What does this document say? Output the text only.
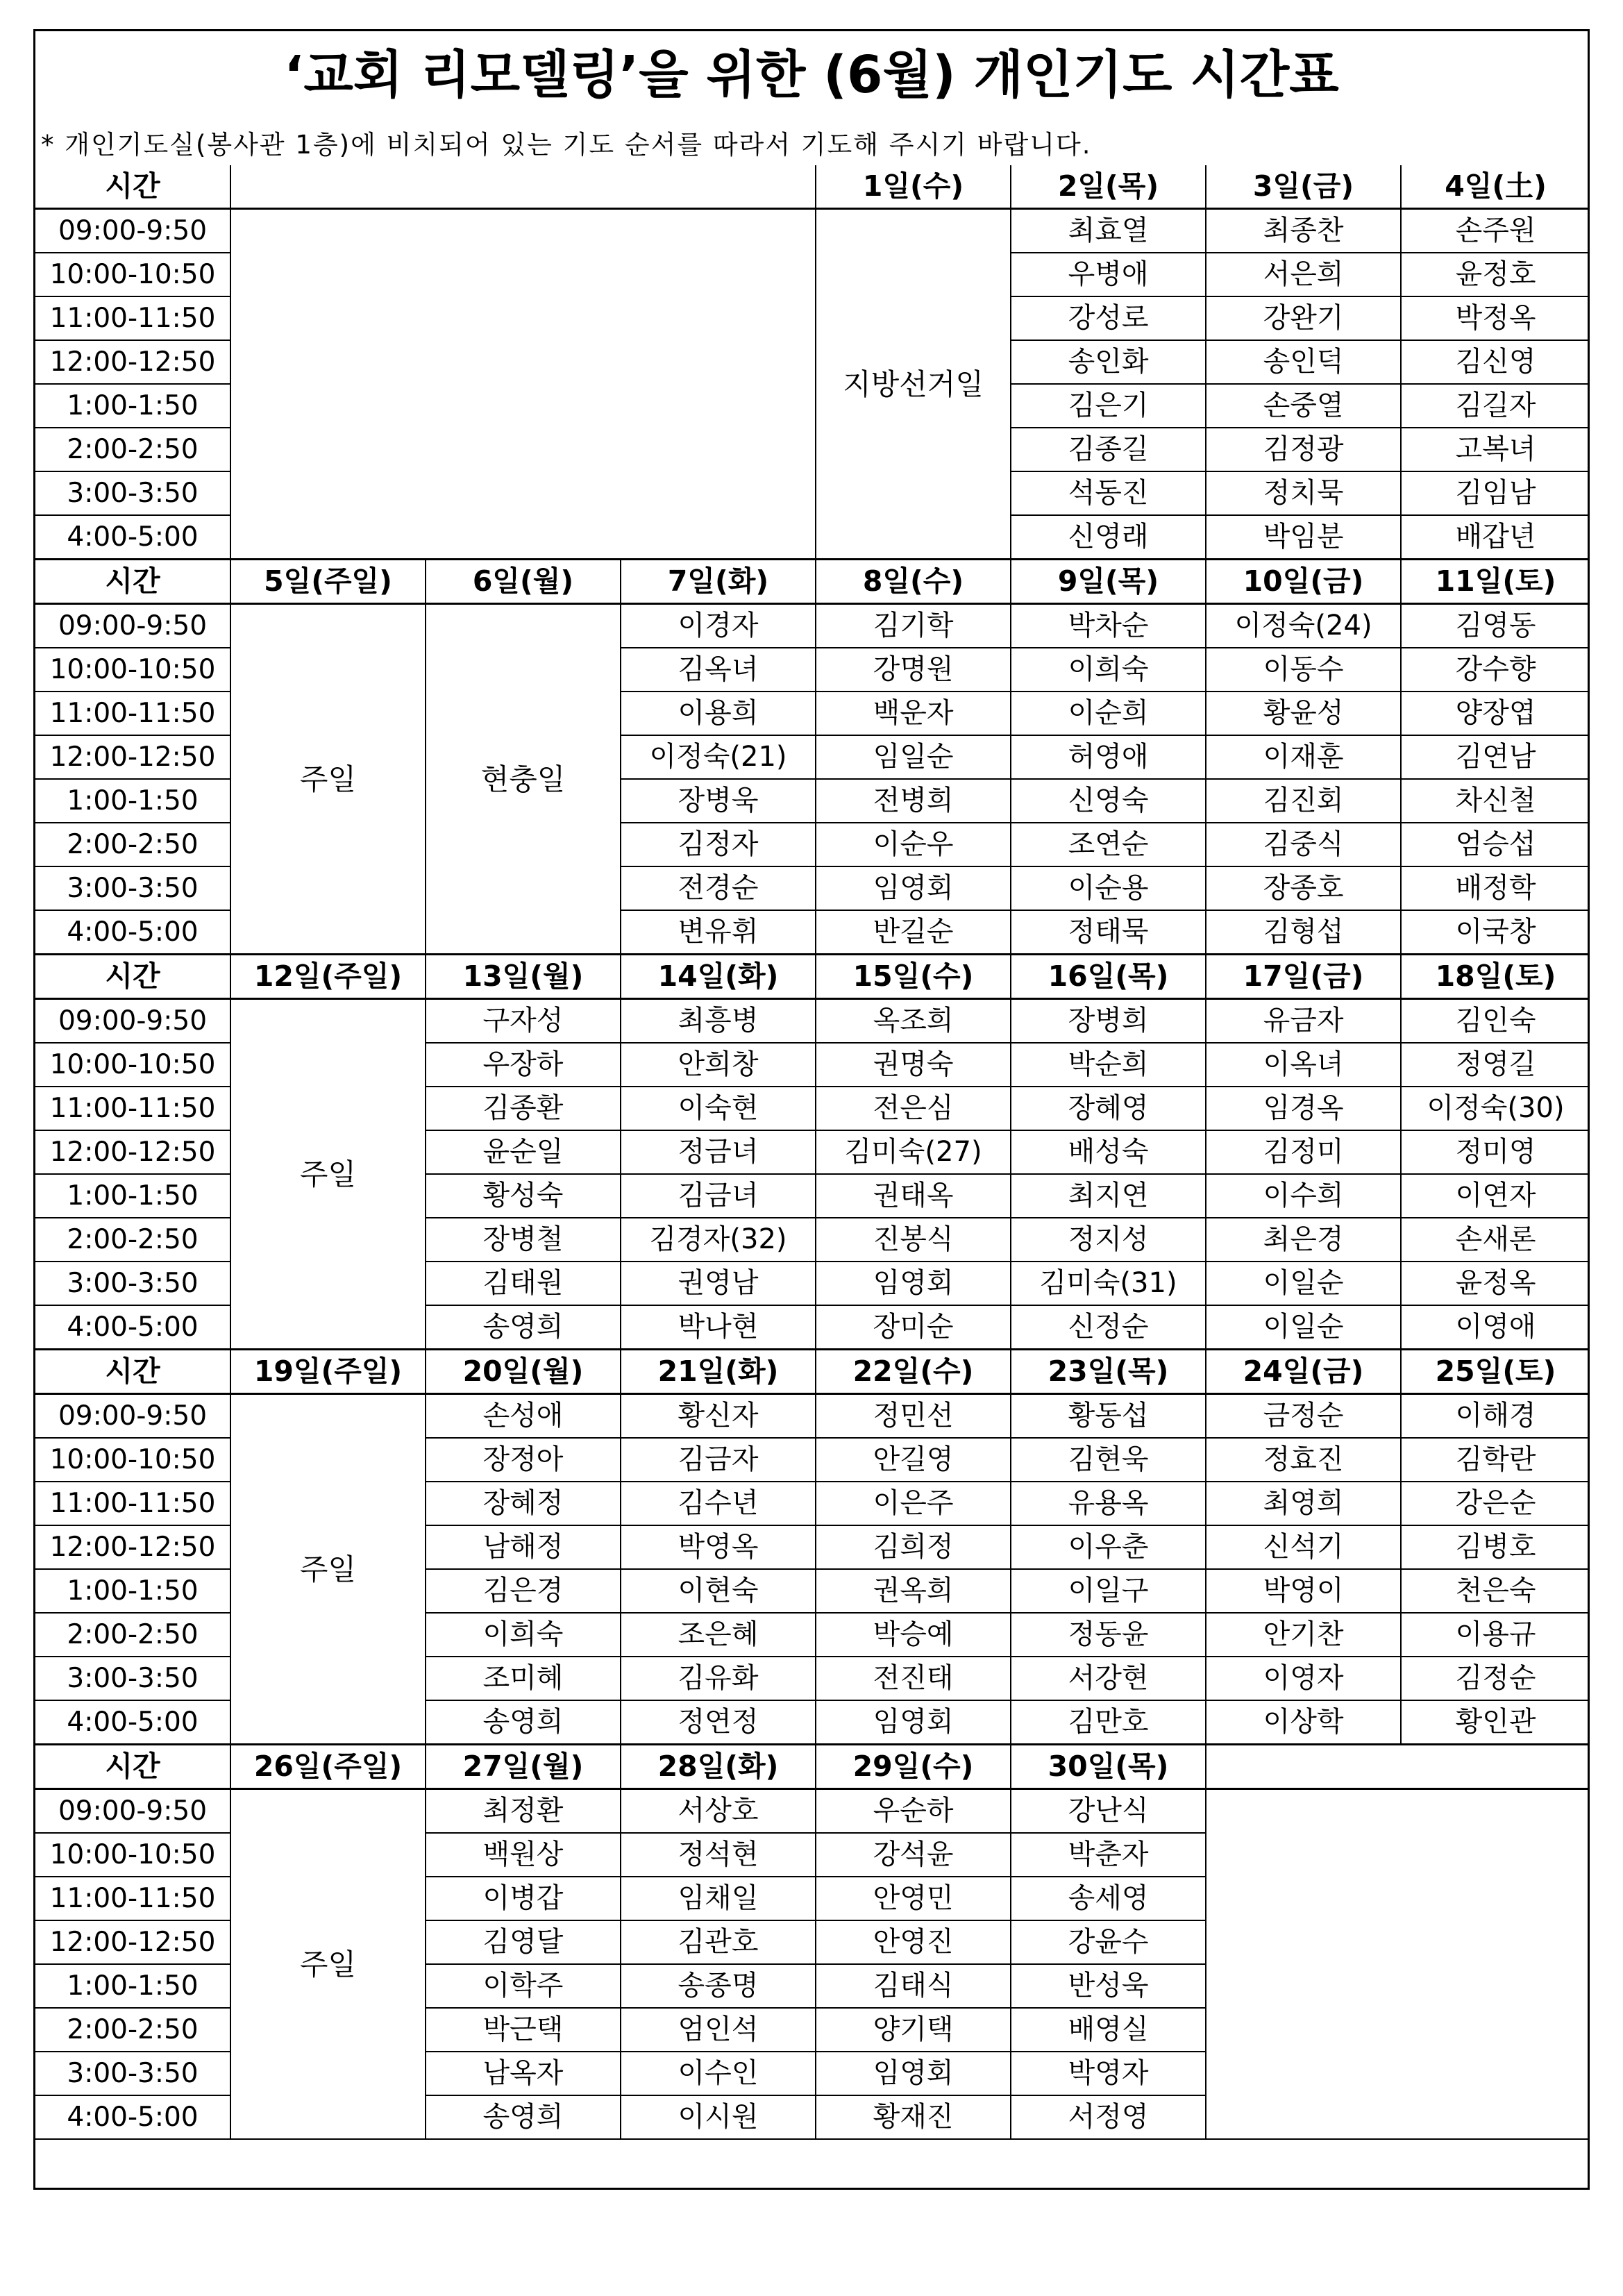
‘교회 리모델링’을 위한 (6월) 개인기도 시간표
* 개인기도실(봉사관 1층)에 비치되어 있는 기도 순서를 따라서 기도해 주시기 바랍니다.
시간				1일(수)	2일(목)	3일(금)	4일(土)
09:00-9:50				지방선거일	최효열	최종찬	손주원
10:00-10:50					우병애	서은희	윤정호
11:00-11:50					강성로	강완기	박정옥
12:00-12:50					송인화	송인덕	김신영
1:00-1:50					김은기	손중열	김길자
2:00-2:50					김종길	김정광	고복녀
3:00-3:50					석동진	정치묵	김임남
4:00-5:00					신영래	박임분	배갑년
시간	5일(주일)	6일(월)	7일(화)	8일(수)	9일(목)	10일(금)	11일(토)
09:00-9:50	주일	현충일	이경자	김기학	박차순	이정숙(24)	김영동
10:00-10:50			김옥녀	강명원	이희숙	이동수	강수향
11:00-11:50			이용희	백운자	이순희	황윤성	양장엽
12:00-12:50			이정숙(21)	임일순	허영애	이재훈	김연남
1:00-1:50			장병욱	전병희	신영숙	김진회	차신철
2:00-2:50			김정자	이순우	조연순	김중식	엄승섭
3:00-3:50			전경순	임영회	이순용	장종호	배정학
4:00-5:00			변유휘	반길순	정태묵	김형섭	이국창
시간	12일(주일)	13일(월)	14일(화)	15일(수)	16일(목)	17일(금)	18일(토)
09:00-9:50	주일	구자성	최흥병	옥조희	장병희	유금자	김인숙
10:00-10:50		우장하	안희창	권명숙	박순희	이옥녀	정영길
11:00-11:50		김종환	이숙현	전은심	장혜영	임경옥	이정숙(30)
12:00-12:50		윤순일	정금녀	김미숙(27)	배성숙	김정미	정미영
1:00-1:50		황성숙	김금녀	권태옥	최지연	이수희	이연자
2:00-2:50		장병철	김경자(32)	진봉식	정지성	최은경	손새론
3:00-3:50		김태원	권영남	임영회	김미숙(31)	이일순	윤정옥
4:00-5:00		송영희	박나현	장미순	신정순	이일순	이영애
시간	19일(주일)	20일(월)	21일(화)	22일(수)	23일(목)	24일(금)	25일(토)
09:00-9:50	주일	손성애	황신자	정민선	황동섭	금정순	이해경
10:00-10:50		장정아	김금자	안길영	김현욱	정효진	김학란
11:00-11:50		장혜정	김수년	이은주	유용옥	최영희	강은순
12:00-12:50		남해정	박영옥	김희정	이우춘	신석기	김병호
1:00-1:50		김은경	이현숙	권옥희	이일구	박영이	천은숙
2:00-2:50		이희숙	조은혜	박승예	정동윤	안기찬	이용규
3:00-3:50		조미혜	김유화	전진태	서강현	이영자	김정순
4:00-5:00		송영희	정연정	임영회	김만호	이상학	황인관
시간	26일(주일)	27일(월)	28일(화)	29일(수)	30일(목)		
09:00-9:50	주일	최정환	서상호	우순하	강난식		
10:00-10:50		백원상	정석현	강석윤	박춘자		
11:00-11:50		이병갑	임채일	안영민	송세영		
12:00-12:50		김영달	김관호	안영진	강윤수		
1:00-1:50		이학주	송종명	김태식	반성욱		
2:00-2:50		박근택	엄인석	양기택	배영실		
3:00-3:50		남옥자	이수인	임영회	박영자		
4:00-5:00		송영희	이시원	황재진	서정영		
